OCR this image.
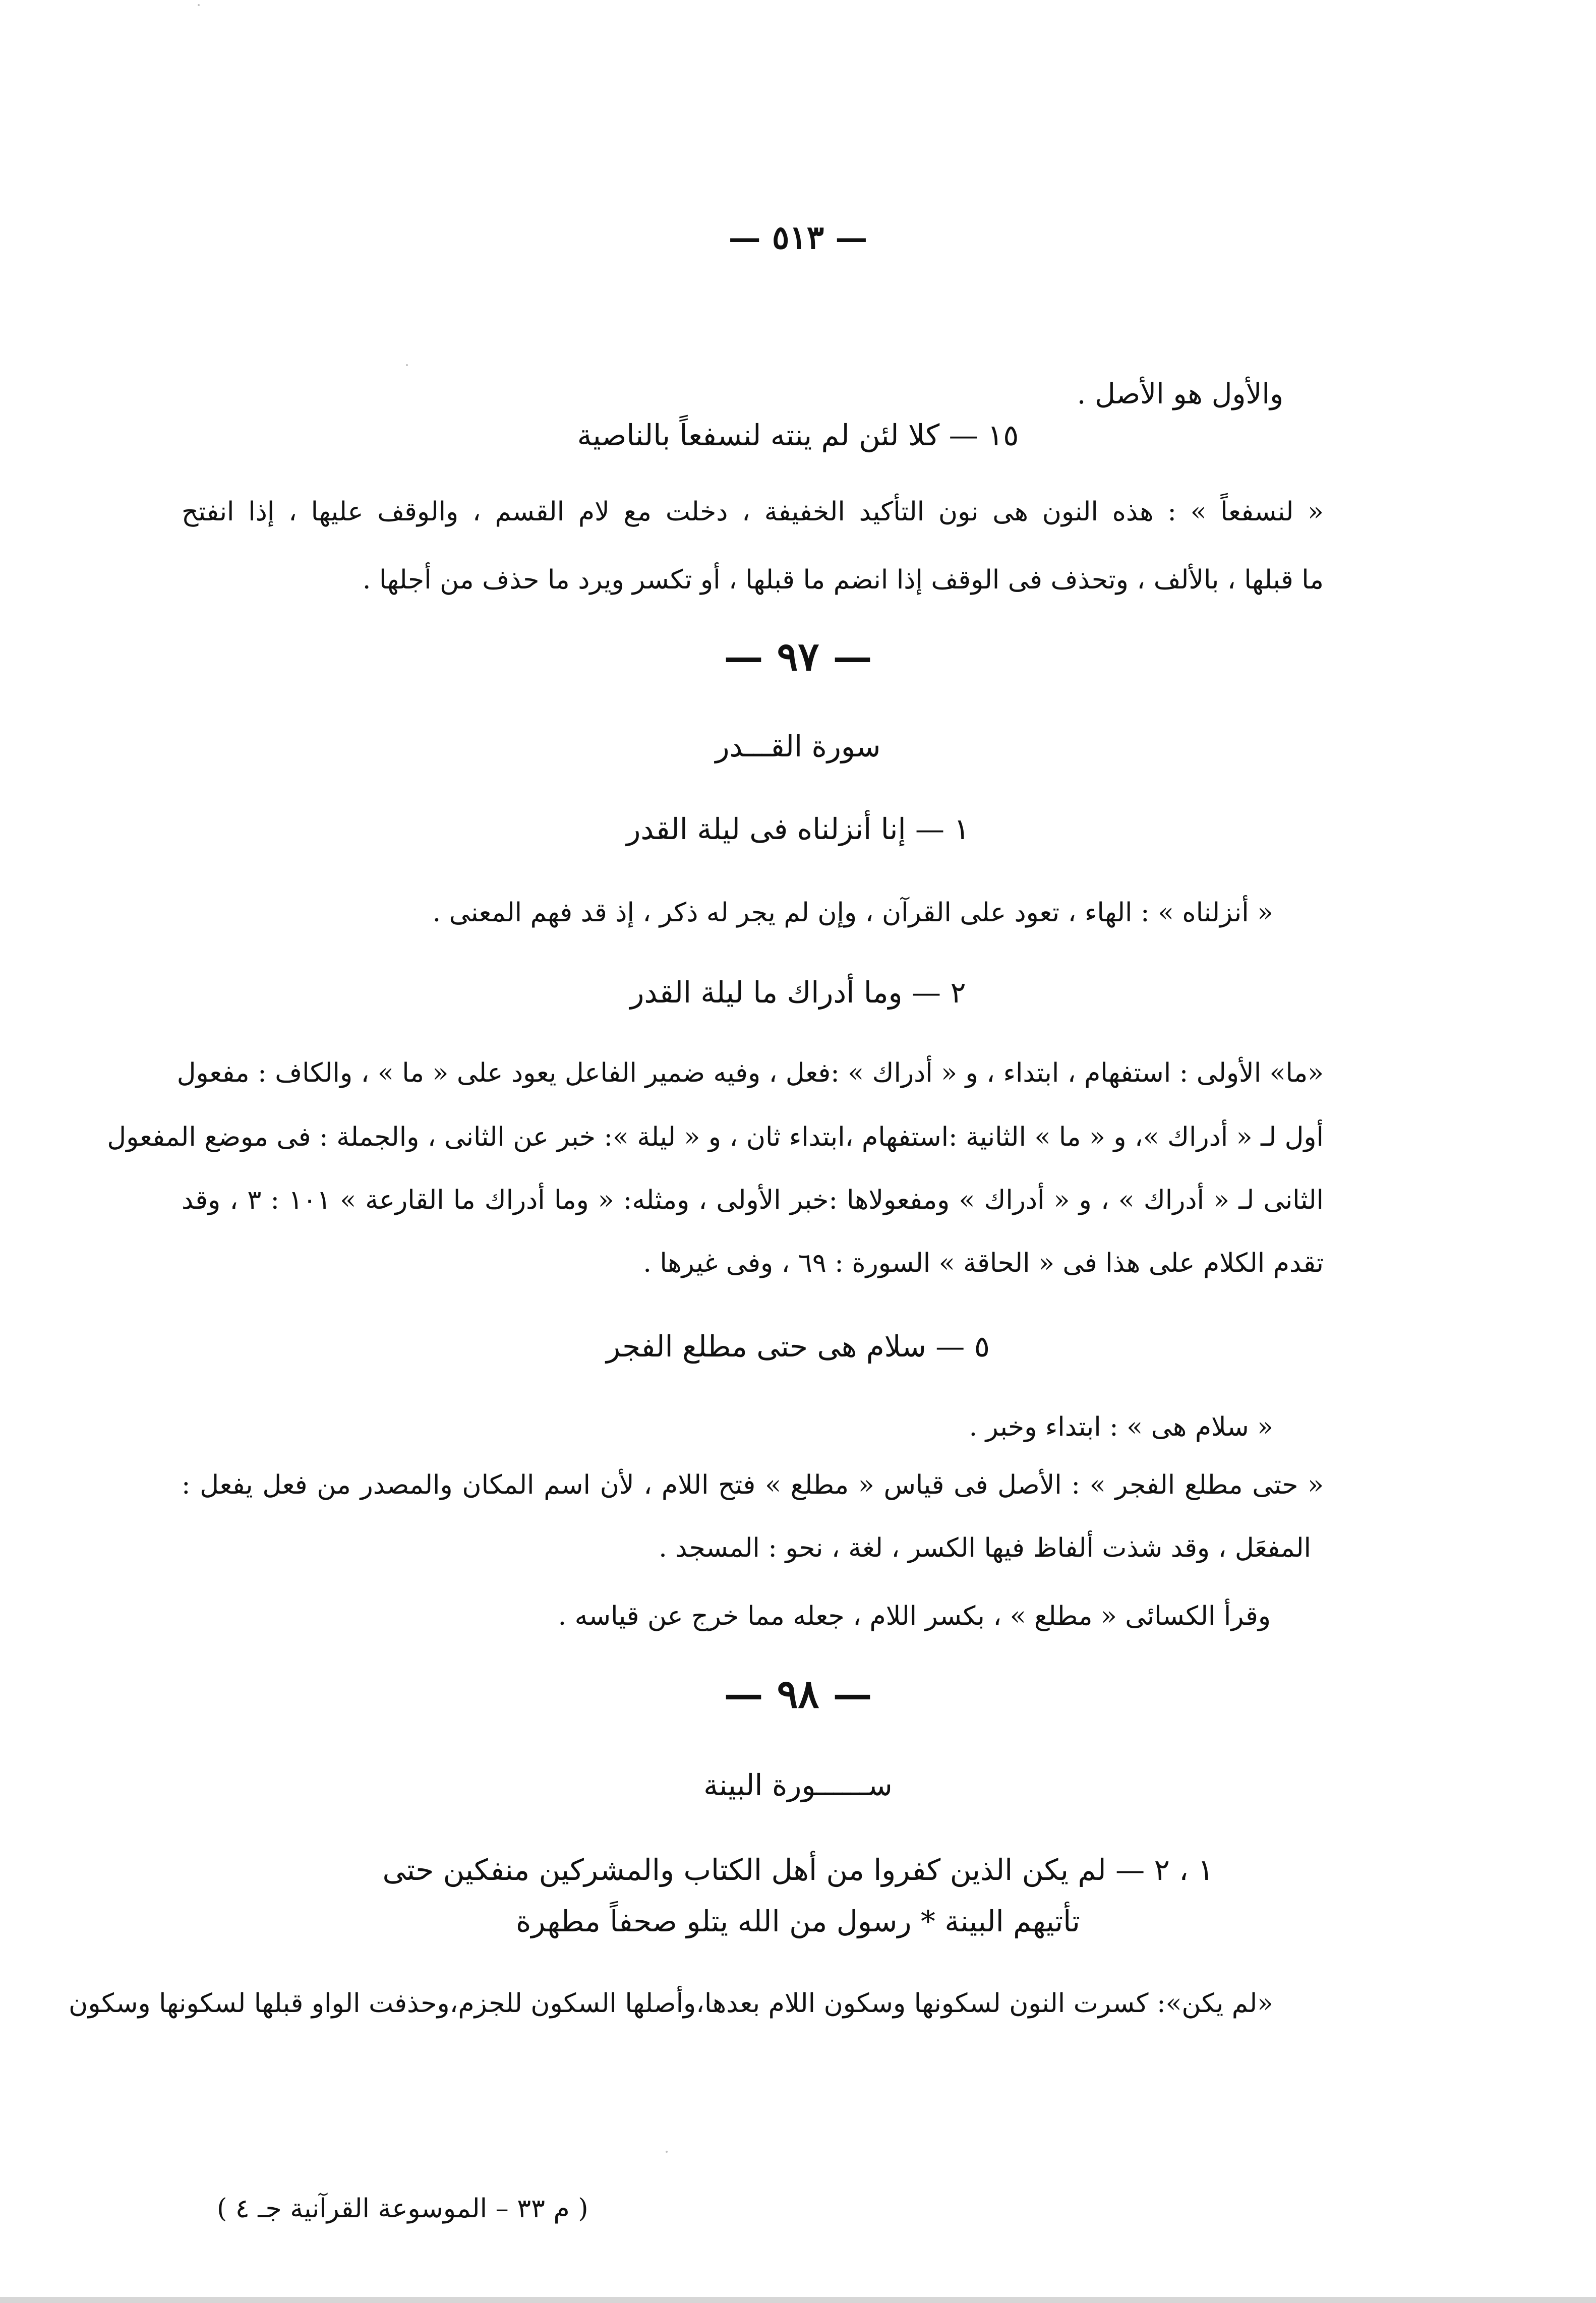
— ٥١٣ —
والأول هو الأصل .
١٥ — كلا لئن لم ينته لنسفعاً بالناصية
« لنسفعاً » : هذه النون هى نون التأكيد الخفيفة ، دخلت مع لام القسم ، والوقف عليها ، إذا انفتح
ما قبلها ، بالألف ، وتحذف فى الوقف إذا انضم ما قبلها ، أو تكسر ويرد ما حذف من أجلها .
— ٩٧ —
سورة القـــدر
١ — إنا أنزلناه فى ليلة القدر
« أنزلناه » : الهاء ، تعود على القرآن ، وإن لم يجر له ذكر ، إذ قد فهم المعنى .
٢ — وما أدراك ما ليلة القدر
«ما» الأولى : استفهام ، ابتداء ، و « أدراك » :فعل ، وفيه ضمير الفاعل يعود على « ما » ، والكاف : مفعول
أول لـ « أدراك »، و « ما » الثانية :استفهام ،ابتداء ثان ، و « ليلة »: خبر عن الثانى ، والجملة : فى موضع المفعول
الثانى لـ « أدراك » ، و « أدراك » ومفعولاها :خبر الأولى ، ومثله: « وما أدراك ما القارعة » ١٠١ : ٣ ، وقد
تقدم الكلام على هذا فى « الحاقة » السورة : ٦٩ ، وفى غيرها .
٥ — سلام هى حتى مطلع الفجر
« سلام هى » : ابتداء وخبر .
« حتى مطلع الفجر » : الأصل فى قياس « مطلع » فتح اللام ، لأن اسم المكان والمصدر من فعل يفعل :
المفعَل ، وقد شذت ألفاظ فيها الكسر ، لغة ، نحو : المسجد .
وقرأ الكسائى « مطلع » ، بكسر اللام ، جعله مما خرج عن قياسه .
— ٩٨ —
ســــــورة البينة
١ ، ٢ — لم يكن الذين كفروا من أهل الكتاب والمشركين منفكين حتى
تأتيهم البينة * رسول من الله يتلو صحفاً مطهرة
«لم يكن»: كسرت النون لسكونها وسكون اللام بعدها،وأصلها السكون للجزم،وحذفت الواو قبلها لسكونها وسكون
( م ٣٣ – الموسوعة القرآنية جـ ٤ )
